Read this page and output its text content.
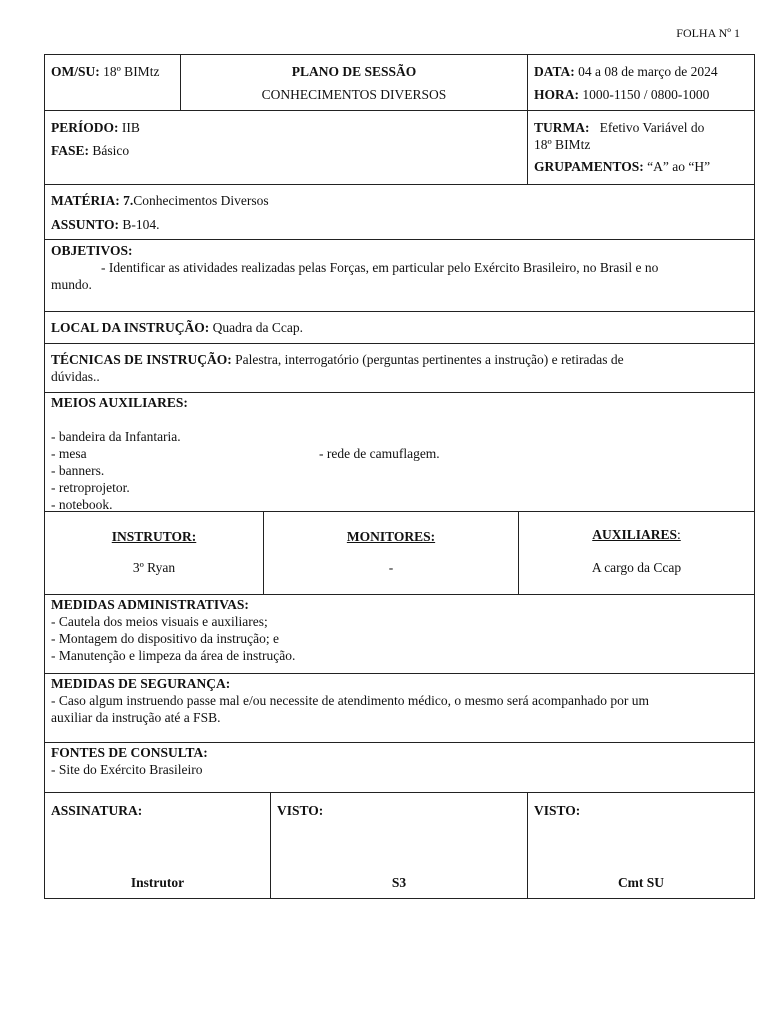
FOLHA Nº 1
OM/SU: 18º BIMtz	PLANO DE SESSÃO
CONHECIMENTOS DIVERSOS
DATA: 04 a 08 de março de 2024
HORA: 1000-1150 / 0800-1000
PERÍODO: IIB
FASE: Básico
TURMA: Efetivo Variável do
18º BIMtz
GRUPAMENTOS: “A” ao “H”
MATÉRIA: 7.Conhecimentos Diversos
ASSUNTO: B-104.
OBJETIVOS:
- Identificar as atividades realizadas pelas Forças, em particular pelo Exército Brasileiro, no Brasil e no
mundo.
LOCAL DA INSTRUÇÃO: Quadra da Ccap.
TÉCNICAS DE INSTRUÇÃO: Palestra, interrogatório (perguntas pertinentes a instrução) e retiradas de
dúvidas..
MEIOS AUXILIARES:
- bandeira da Infantaria.
- mesa
- banners.
- retroprojetor.
- notebook.
- rede de camuflagem.
INSTRUTOR:
3º Ryan
MONITORES:
-
AUXILIARES:
A cargo da Ccap
MEDIDAS ADMINISTRATIVAS:
- Cautela dos meios visuais e auxiliares;
- Montagem do dispositivo da instrução; e
- Manutenção e limpeza da área de instrução.
MEDIDAS DE SEGURANÇA:
- Caso algum instruendo passe mal e/ou necessite de atendimento médico, o mesmo será acompanhado por um
auxiliar da instrução até a FSB.
FONTES DE CONSULTA:
- Site do Exército Brasileiro
ASSINATURA:
Instrutor
VISTO:
S3
VISTO:
Cmt SU
